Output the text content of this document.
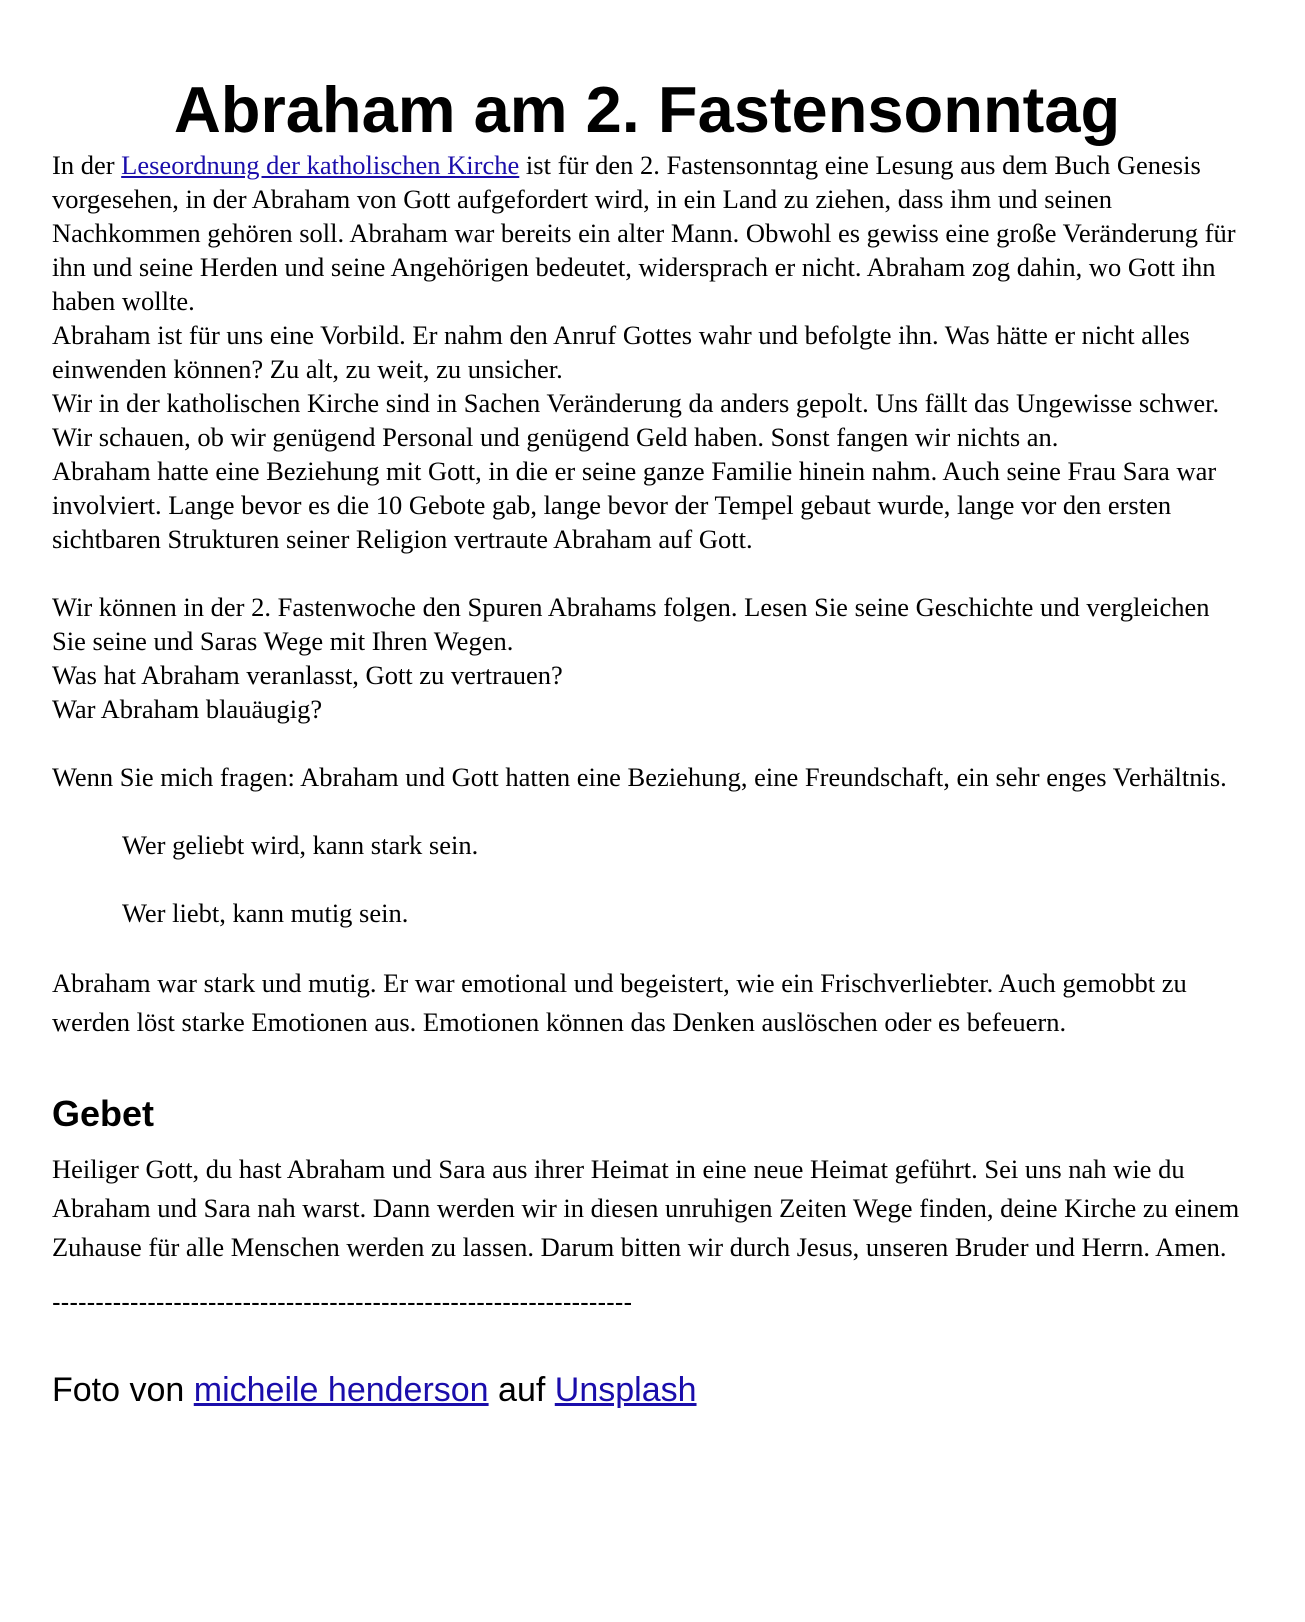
Abraham am 2. Fastensonntag

In der Leseordnung der katholischen Kirche ist für den 2. Fastensonntag eine Lesung aus dem Buch Genesis vorgesehen, in der Abraham von Gott aufgefordert wird, in ein Land zu ziehen, dass ihm und seinen Nachkommen gehören soll. Abraham war bereits ein alter Mann. Obwohl es gewiss eine große Veränderung für ihn und seine Herden und seine Angehörigen bedeutet, widersprach er nicht. Abraham zog dahin, wo Gott ihn haben wollte.

Abraham ist für uns eine Vorbild. Er nahm den Anruf Gottes wahr und befolgte ihn. Was hätte er nicht alles einwenden können? Zu alt, zu weit, zu unsicher.

Wir in der katholischen Kirche sind in Sachen Veränderung da anders gepolt. Uns fällt das Ungewisse schwer. Wir schauen, ob wir genügend Personal und genügend Geld haben. Sonst fangen wir nichts an.

Abraham hatte eine Beziehung mit Gott, in die er seine ganze Familie hinein nahm. Auch seine Frau Sara war involviert. Lange bevor es die 10 Gebote gab, lange bevor der Tempel gebaut wurde, lange vor den ersten sichtbaren Strukturen seiner Religion vertraute Abraham auf Gott.

Wir können in der 2. Fastenwoche den Spuren Abrahams folgen. Lesen Sie seine Geschichte und vergleichen Sie seine und Saras Wege mit Ihren Wegen.

Was hat Abraham veranlasst, Gott zu vertrauen?

War Abraham blauäugig?

Wenn Sie mich fragen: Abraham und Gott hatten eine Beziehung, eine Freundschaft, ein sehr enges Verhältnis.

Wer geliebt wird, kann stark sein.

Wer liebt, kann mutig sein.

Abraham war stark und mutig. Er war emotional und begeistert, wie ein Frischverliebter. Auch gemobbt zu werden löst starke Emotionen aus. Emotionen können das Denken auslöschen oder es befeuern.

Gebet

Heiliger Gott, du hast Abraham und Sara aus ihrer Heimat in eine neue Heimat geführt. Sei uns nah wie du Abraham und Sara nah warst. Dann werden wir in diesen unruhigen Zeiten Wege finden, deine Kirche zu einem Zuhause für alle Menschen werden zu lassen. Darum bitten wir durch Jesus, unseren Bruder und Herrn. Amen.

-------------------------------------------------------------------

Foto von micheile henderson auf Unsplash
